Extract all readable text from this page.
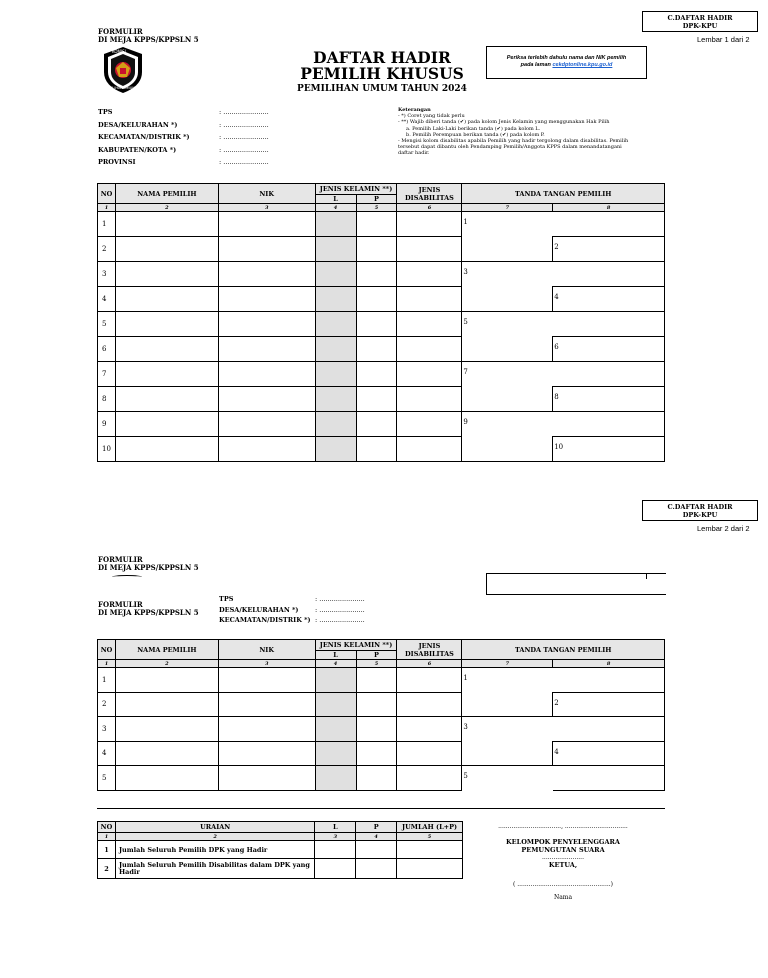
C.DAFTAR HADIR
DPK-KPU
Lembar 1 dari 2
FORMULIR
DI MEJA KPPS/KPPSLN 5
KOMISI
PEMILIHAN UMUM
DAFTAR HADIR
PEMILIH KHUSUS
PEMILIHAN UMUM TAHUN 2024
Periksa terlebih dahulu nama dan NIK pemilih
pada laman cekdptonline.kpu.go.id
TPS	: ......................
DESA/KELURAHAN *)	: ......................
KECAMATAN/DISTRIK *)	: ......................
KABUPATEN/KOTA *)	: ......................
PROVINSI	: ......................
Keterangan
- *) Coret yang tidak perlu
- **) Wajib diberi tanda (✔) pada kolom Jenis Kelamin yang menggunakan Hak Pilih
a. Pemilih Laki-Laki berikan tanda (✔) pada kolom L.
b. Pemilih Perempuan berikan tanda (✔) pada kolom P.
- Mengisi kolom disabilitas apabila Pemilih yang hadir tergolong dalam disabilitas. Pemilih
tersebut dapat dibantu oleh Pendamping Pemilih/Anggota KPPS dalam menandatangani
daftar hadir.
NO	NAMA PEMILIH	NIK	JENIS KELAMIN **)		JENIS DISABILITAS	TANDA TANGAN PEMILIH	
			L	P			
1	2	3	4	5	6	7	8
1						1	

2							2

3						3	

4							4

5						5	

6							6

7						7	

8							8

9						9	

10							10
C.DAFTAR HADIR
DPK-KPU
Lembar 2 dari 2
FORMULIR
DI MEJA KPPS/KPPSLN 5
FORMULIR
DI MEJA KPPS/KPPSLN 5
TPS	: ......................
DESA/KELURAHAN *)	: ......................
KECAMATAN/DISTRIK *) : ......................
NO	NAMA PEMILIH	NIK	JENIS KELAMIN **)		JENIS DISABILITAS	TANDA TANGAN PEMILIH	
			L	P			
1	2	3	4	5	6	7	8
1						1	

2							2

3						3	

4							4

5						5	

NO	URAIAN	L	P	JUMLAH (L+P)
1	2	3	4	5
1	Jumlah Seluruh Pemilih DPK yang Hadir			
2	Jumlah Seluruh Pemilih Disabilitas dalam DPK yang Hadir			
................................., .................................
KELOMPOK PENYELENGGARA
PEMUNGUTAN SUARA
......................
KETUA,
( .................................................)
Nama
